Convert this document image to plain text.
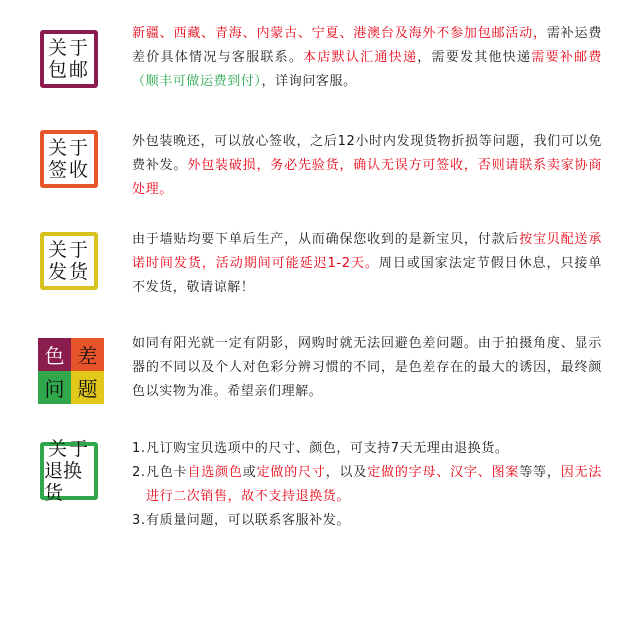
关于
包邮
新疆、西藏、青海、内蒙古、宁夏、港澳台及海外不参加包邮活动，需补运费差价具体情况与客服联系。本店默认汇通快递，需要发其他快递需要补邮费（顺丰可做运费到付），详询问客服。
关于
签收
外包装晚还，可以放心签收，之后12小时内发现货物折损等问题，我们可以免费补发。外包装破损，务必先验货，确认无误方可签收，否则请联系卖家协商处理。
关于
发货
由于墙贴均要下单后生产，从而确保您收到的是新宝贝，付款后按宝贝配送承诺时间发货，活动期间可能延迟1-2天。周日或国家法定节假日休息，只接单不发货，敬请谅解！
色 差
问 题
如同有阳光就一定有阴影，网购时就无法回避色差问题。由于拍摄角度、显示器的不同以及个人对色彩分辨习惯的不同，是色差存在的最大的诱因，最终颜色以实物为准。希望亲们理解。
关于
退换货
1. 凡订购宝贝选项中的尺寸、颜色，可支持7天无理由退换货。
2. 凡色卡自选颜色或定做的尺寸，以及定做的字母、汉字、图案等等，因无法进行二次销售，故不支持退换货。
3. 有质量问题，可以联系客服补发。
